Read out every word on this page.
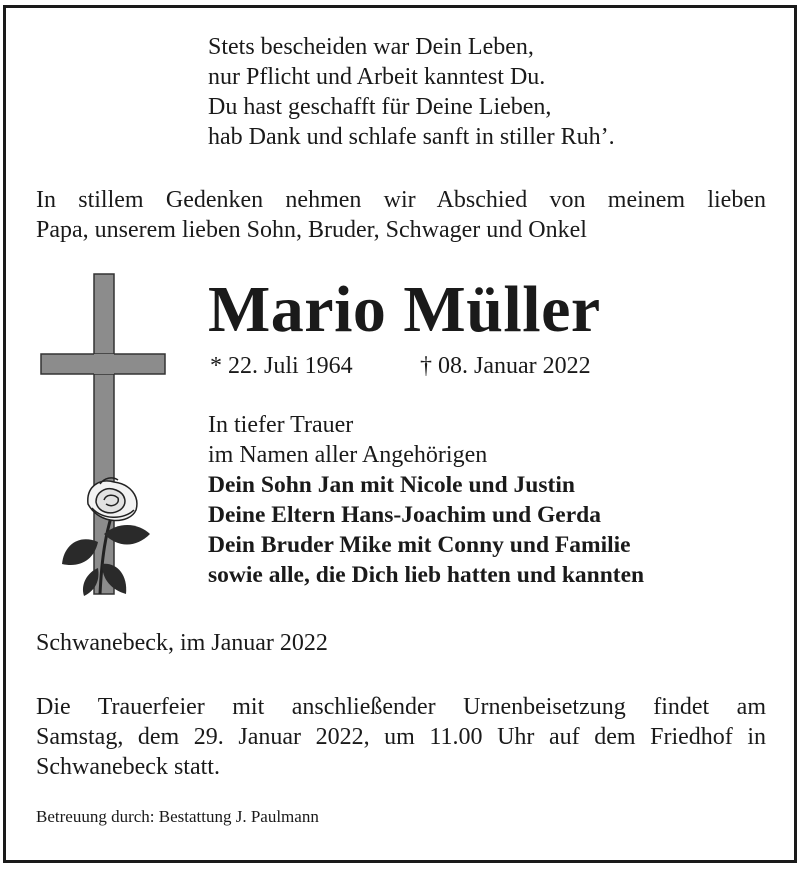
Stets bescheiden war Dein Leben,
nur Pflicht und Arbeit kanntest Du.
Du hast geschafft für Deine Lieben,
hab Dank und schlafe sanft in stiller Ruh’.
In stillem Gedenken nehmen wir Abschied von meinem lieben
Papa, unserem lieben Sohn, Bruder, Schwager und Onkel
Mario Müller
* 22. Juli 1964	† 08. Januar 2022
In tiefer Trauer
im Namen aller Angehörigen
Dein Sohn Jan mit Nicole und Justin
Deine Eltern Hans-Joachim und Gerda
Dein Bruder Mike mit Conny und Familie
sowie alle, die Dich lieb hatten und kannten
Schwanebeck, im Januar 2022
Die Trauerfeier mit anschließender Urnenbeisetzung findet am
Samstag, dem 29. Januar 2022, um 11.00 Uhr auf dem Friedhof in
Schwanebeck statt.
Betreuung durch: Bestattung J. Paulmann
